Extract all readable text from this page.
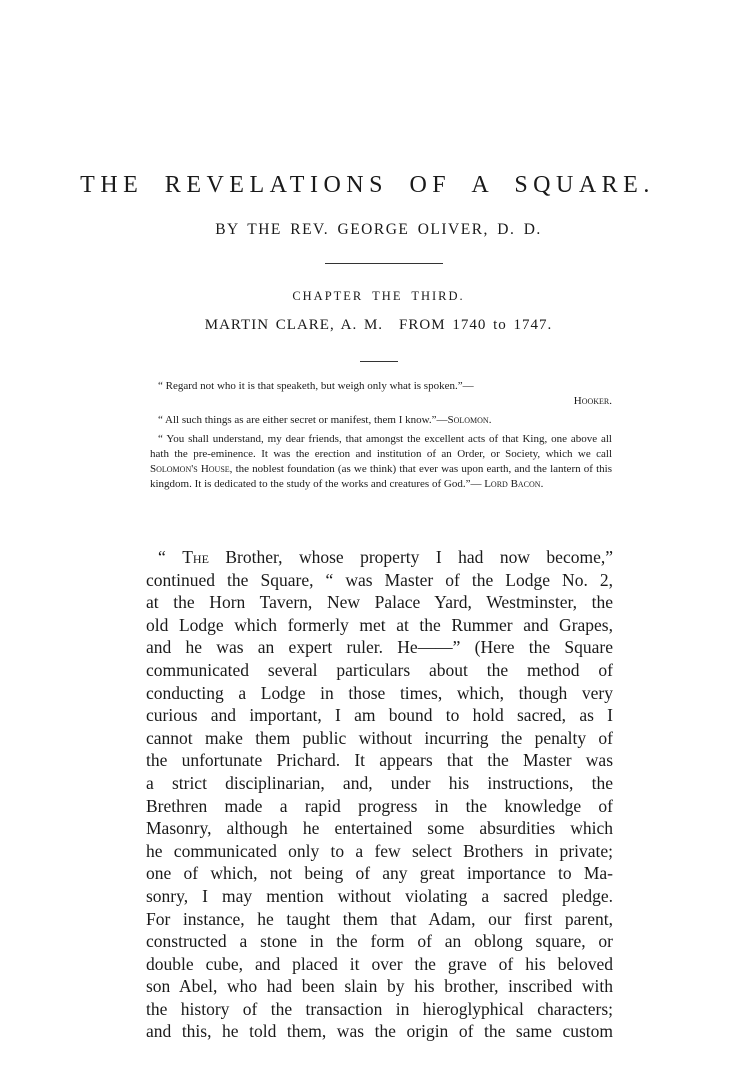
THE REVELATIONS OF A SQUARE.
BY THE REV. GEORGE OLIVER, D. D.
CHAPTER THE THIRD.
MARTIN CLARE, A. M. FROM 1740 to 1747.

“ Regard not who it is that speaketh, but weigh only what is spoken.”—
Hooker.

“ All such things as are either secret or manifest, them I know.”—Solomon.

“ You shall understand, my dear friends, that amongst the excellent acts of that King, one above all hath the pre-eminence. It was the erection and institution of an Order, or Society, which we call Solomon's House, the noblest foundation (as we think) that ever was upon earth, and the lantern of this kingdom. It is dedicated to the study of the works and creatures of God.”— Lord Bacon.

“ The Brother, whose property I had now become,”
continued the Square, “ was Master of the Lodge No. 2,
at the Horn Tavern, New Palace Yard, Westminster, the
old Lodge which formerly met at the Rummer and Grapes,
and he was an expert ruler. He——” (Here the Square
communicated several particulars about the method of
conducting a Lodge in those times, which, though very
curious and important, I am bound to hold sacred, as I
cannot make them public without incurring the penalty of
the unfortunate Prichard. It appears that the Master was
a strict disciplinarian, and, under his instructions, the
Brethren made a rapid progress in the knowledge of
Masonry, although he entertained some absurdities which
he communicated only to a few select Brothers in private;
one of which, not being of any great importance to Ma-
sonry, I may mention without violating a sacred pledge.
For instance, he taught them that Adam, our first parent,
constructed a stone in the form of an oblong square, or
double cube, and placed it over the grave of his beloved
son Abel, who had been slain by his brother, inscribed with
the history of the transaction in hieroglyphical characters;
and this, he told them, was the origin of the same custom
